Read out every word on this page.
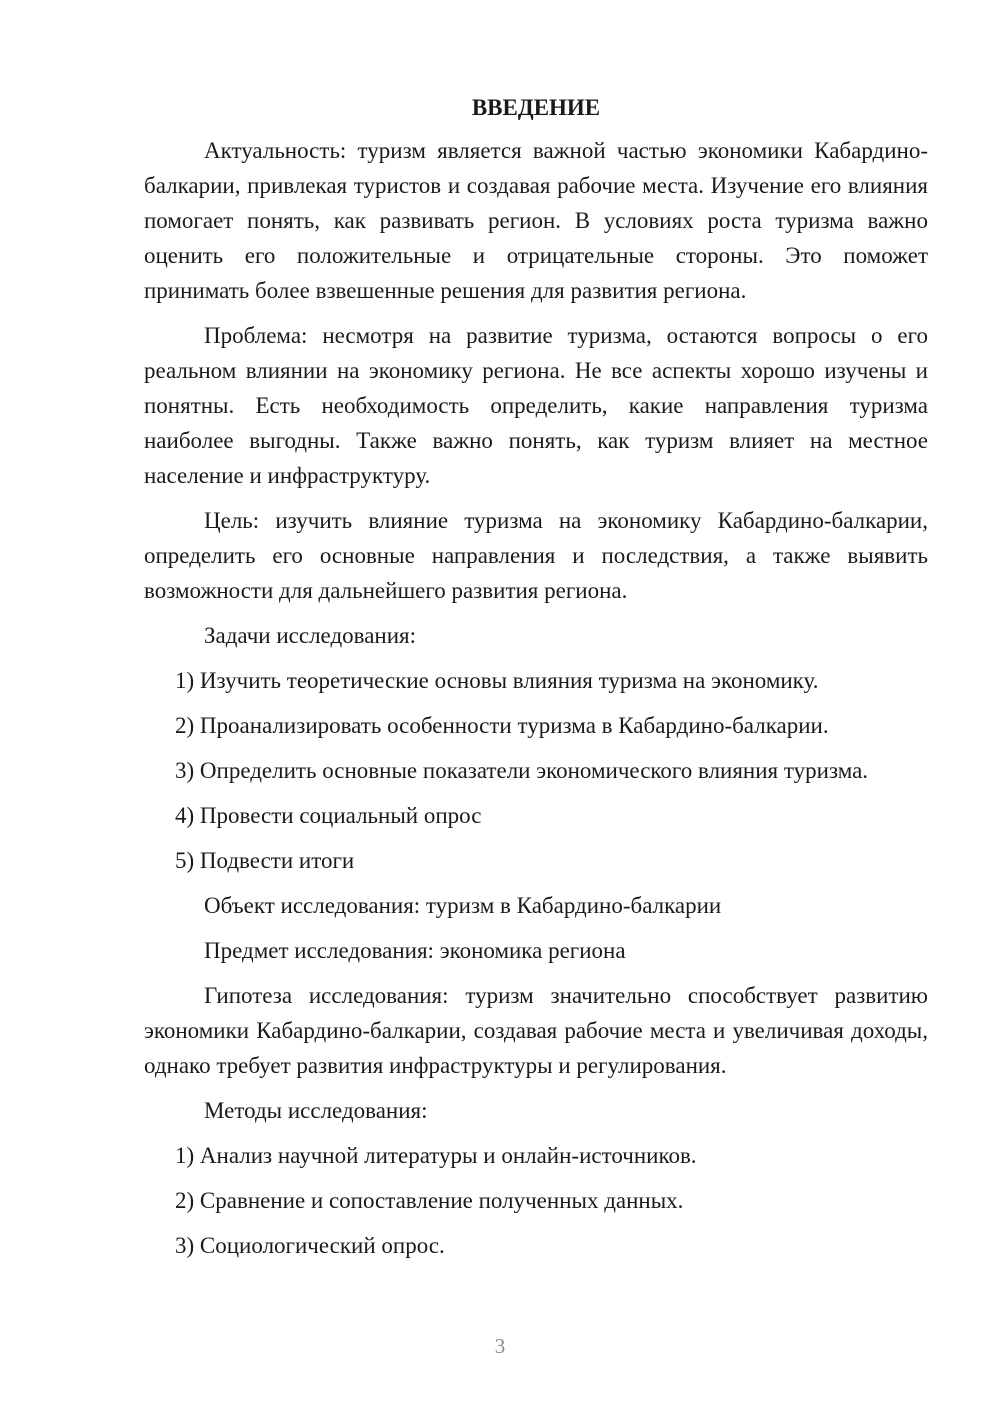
ВВЕДЕНИЕ

Актуальность: туризм является важной частью экономики Кабардино-балкарии, привлекая туристов и создавая рабочие места. Изучение его влияния помогает понять, как развивать регион. В условиях роста туризма важно оценить его положительные и отрицательные стороны. Это поможет принимать более взвешенные решения для развития региона.

Проблема: несмотря на развитие туризма, остаются вопросы о его реальном влиянии на экономику региона. Не все аспекты хорошо изучены и понятны. Есть необходимость определить, какие направления туризма наиболее выгодны. Также важно понять, как туризм влияет на местное население и инфраструктуру.

Цель: изучить влияние туризма на экономику Кабардино-балкарии, определить его основные направления и последствия, а также выявить возможности для дальнейшего развития региона.

Задачи исследования:

1) Изучить теоретические основы влияния туризма на экономику.

2) Проанализировать особенности туризма в Кабардино-балкарии.

3) Определить основные показатели экономического влияния туризма.

4) Провести социальный опрос

5) Подвести итоги

Объект исследования: туризм в Кабардино-балкарии

Предмет исследования: экономика региона

Гипотеза исследования: туризм значительно способствует развитию экономики Кабардино-балкарии, создавая рабочие места и увеличивая доходы, однако требует развития инфраструктуры и регулирования.

Методы исследования:

1) Анализ научной литературы и онлайн-источников.

2) Сравнение и сопоставление полученных данных.

3) Социологический опрос.

3
